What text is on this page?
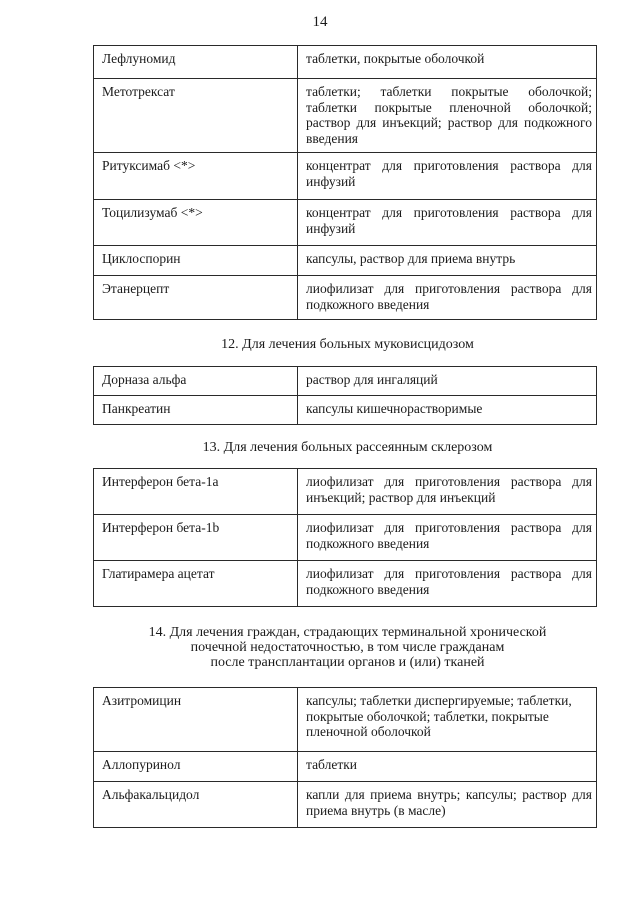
14
Лефлуномид	таблетки, покрытые оболочкой
Метотрексат	таблетки; таблетки покрытые оболочкой; таблетки покрытые пленочной оболочкой; раствор для инъекций; раствор для подкожного введения
Ритуксимаб <*>	концентрат для приготовления раствора для инфузий
Тоцилизумаб <*>	концентрат для приготовления раствора для инфузий
Циклоспорин	капсулы, раствор для приема внутрь
Этанерцепт	лиофилизат для приготовления раствора для подкожного введения
12. Для лечения больных муковисцидозом
Дорназа альфа	раствор для ингаляций
Панкреатин	капсулы кишечнорастворимые
13. Для лечения больных рассеянным склерозом
Интерферон бета-1а	лиофилизат для приготовления раствора для инъекций; раствор для инъекций
Интерферон бета-1b	лиофилизат для приготовления раствора для подкожного введения
Глатирамера ацетат	лиофилизат для приготовления раствора для подкожного введения
14. Для лечения граждан, страдающих терминальной хронической
почечной недостаточностью, в том числе гражданам
после трансплантации органов и (или) тканей
Азитромицин	капсулы; таблетки диспергируемые; таблетки, покрытые оболочкой; таблетки, покрытые пленочной оболочкой
Аллопуринол	таблетки
Альфакальцидол	капли для приема внутрь; капсулы; раствор для приема внутрь (в масле)
